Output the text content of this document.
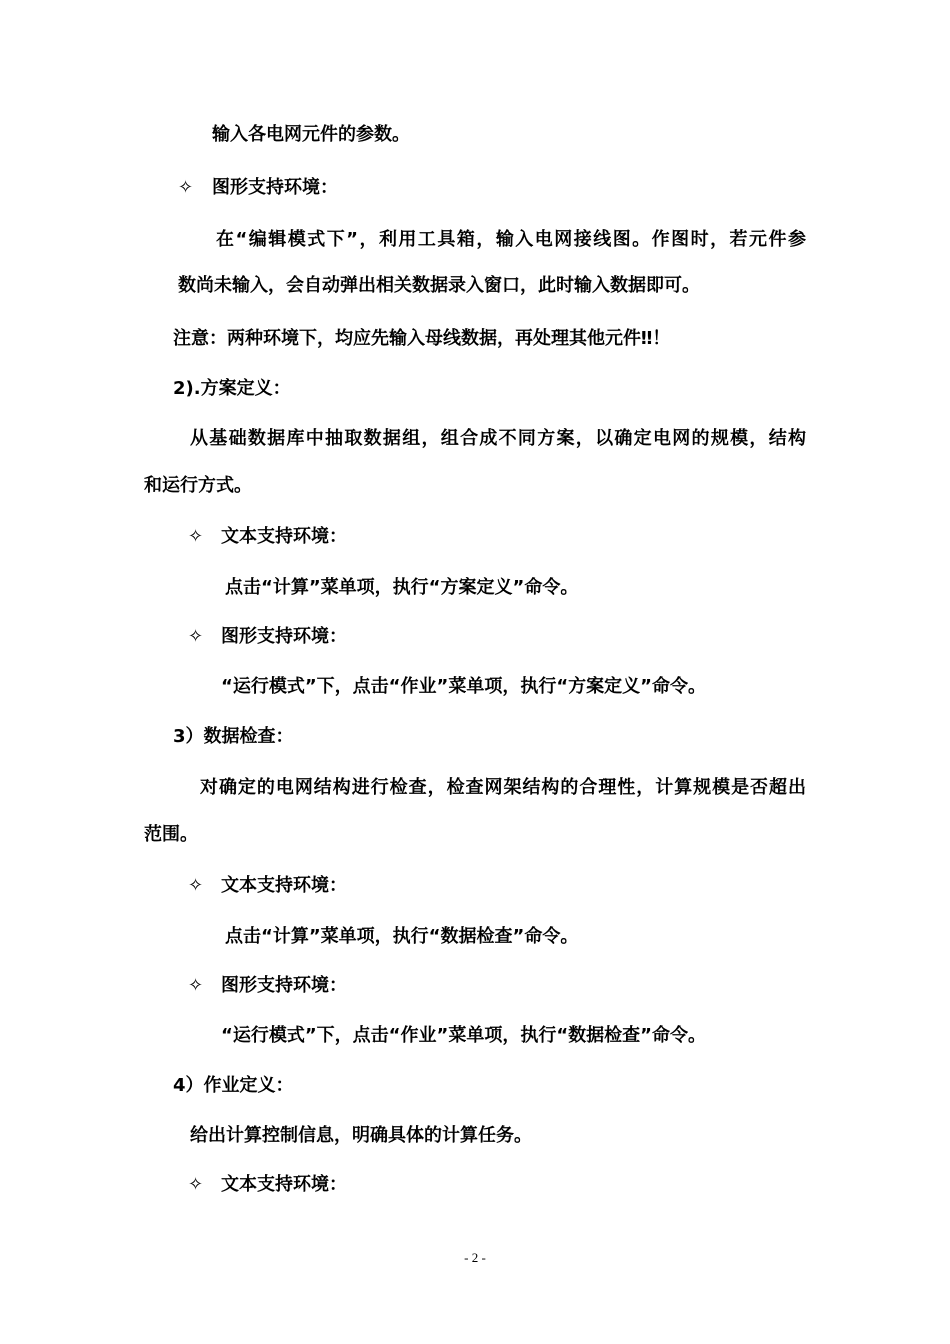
输入各电网元件的参数。
✧ 图形支持环境：
在“编辑模式下”，利用工具箱，输入电网接线图。作图时，若元件参
数尚未输入，会自动弹出相关数据录入窗口，此时输入数据即可。
注意：两种环境下，均应先输入母线数据，再处理其他元件‼！
2).方案定义：
从基础数据库中抽取数据组，组合成不同方案，以确定电网的规模，结构
和运行方式。
✧ 文本支持环境：
点击“计算”菜单项，执行“方案定义”命令。
✧ 图形支持环境：
“运行模式”下，点击“作业”菜单项，执行“方案定义”命令。
3）数据检查：
对确定的电网结构进行检查，检查网架结构的合理性，计算规模是否超出
范围。
✧ 文本支持环境：
点击“计算”菜单项，执行“数据检查”命令。
✧ 图形支持环境：
“运行模式”下，点击“作业”菜单项，执行“数据检查”命令。
4）作业定义：
给出计算控制信息，明确具体的计算任务。
✧ 文本支持环境：
- 2 -
